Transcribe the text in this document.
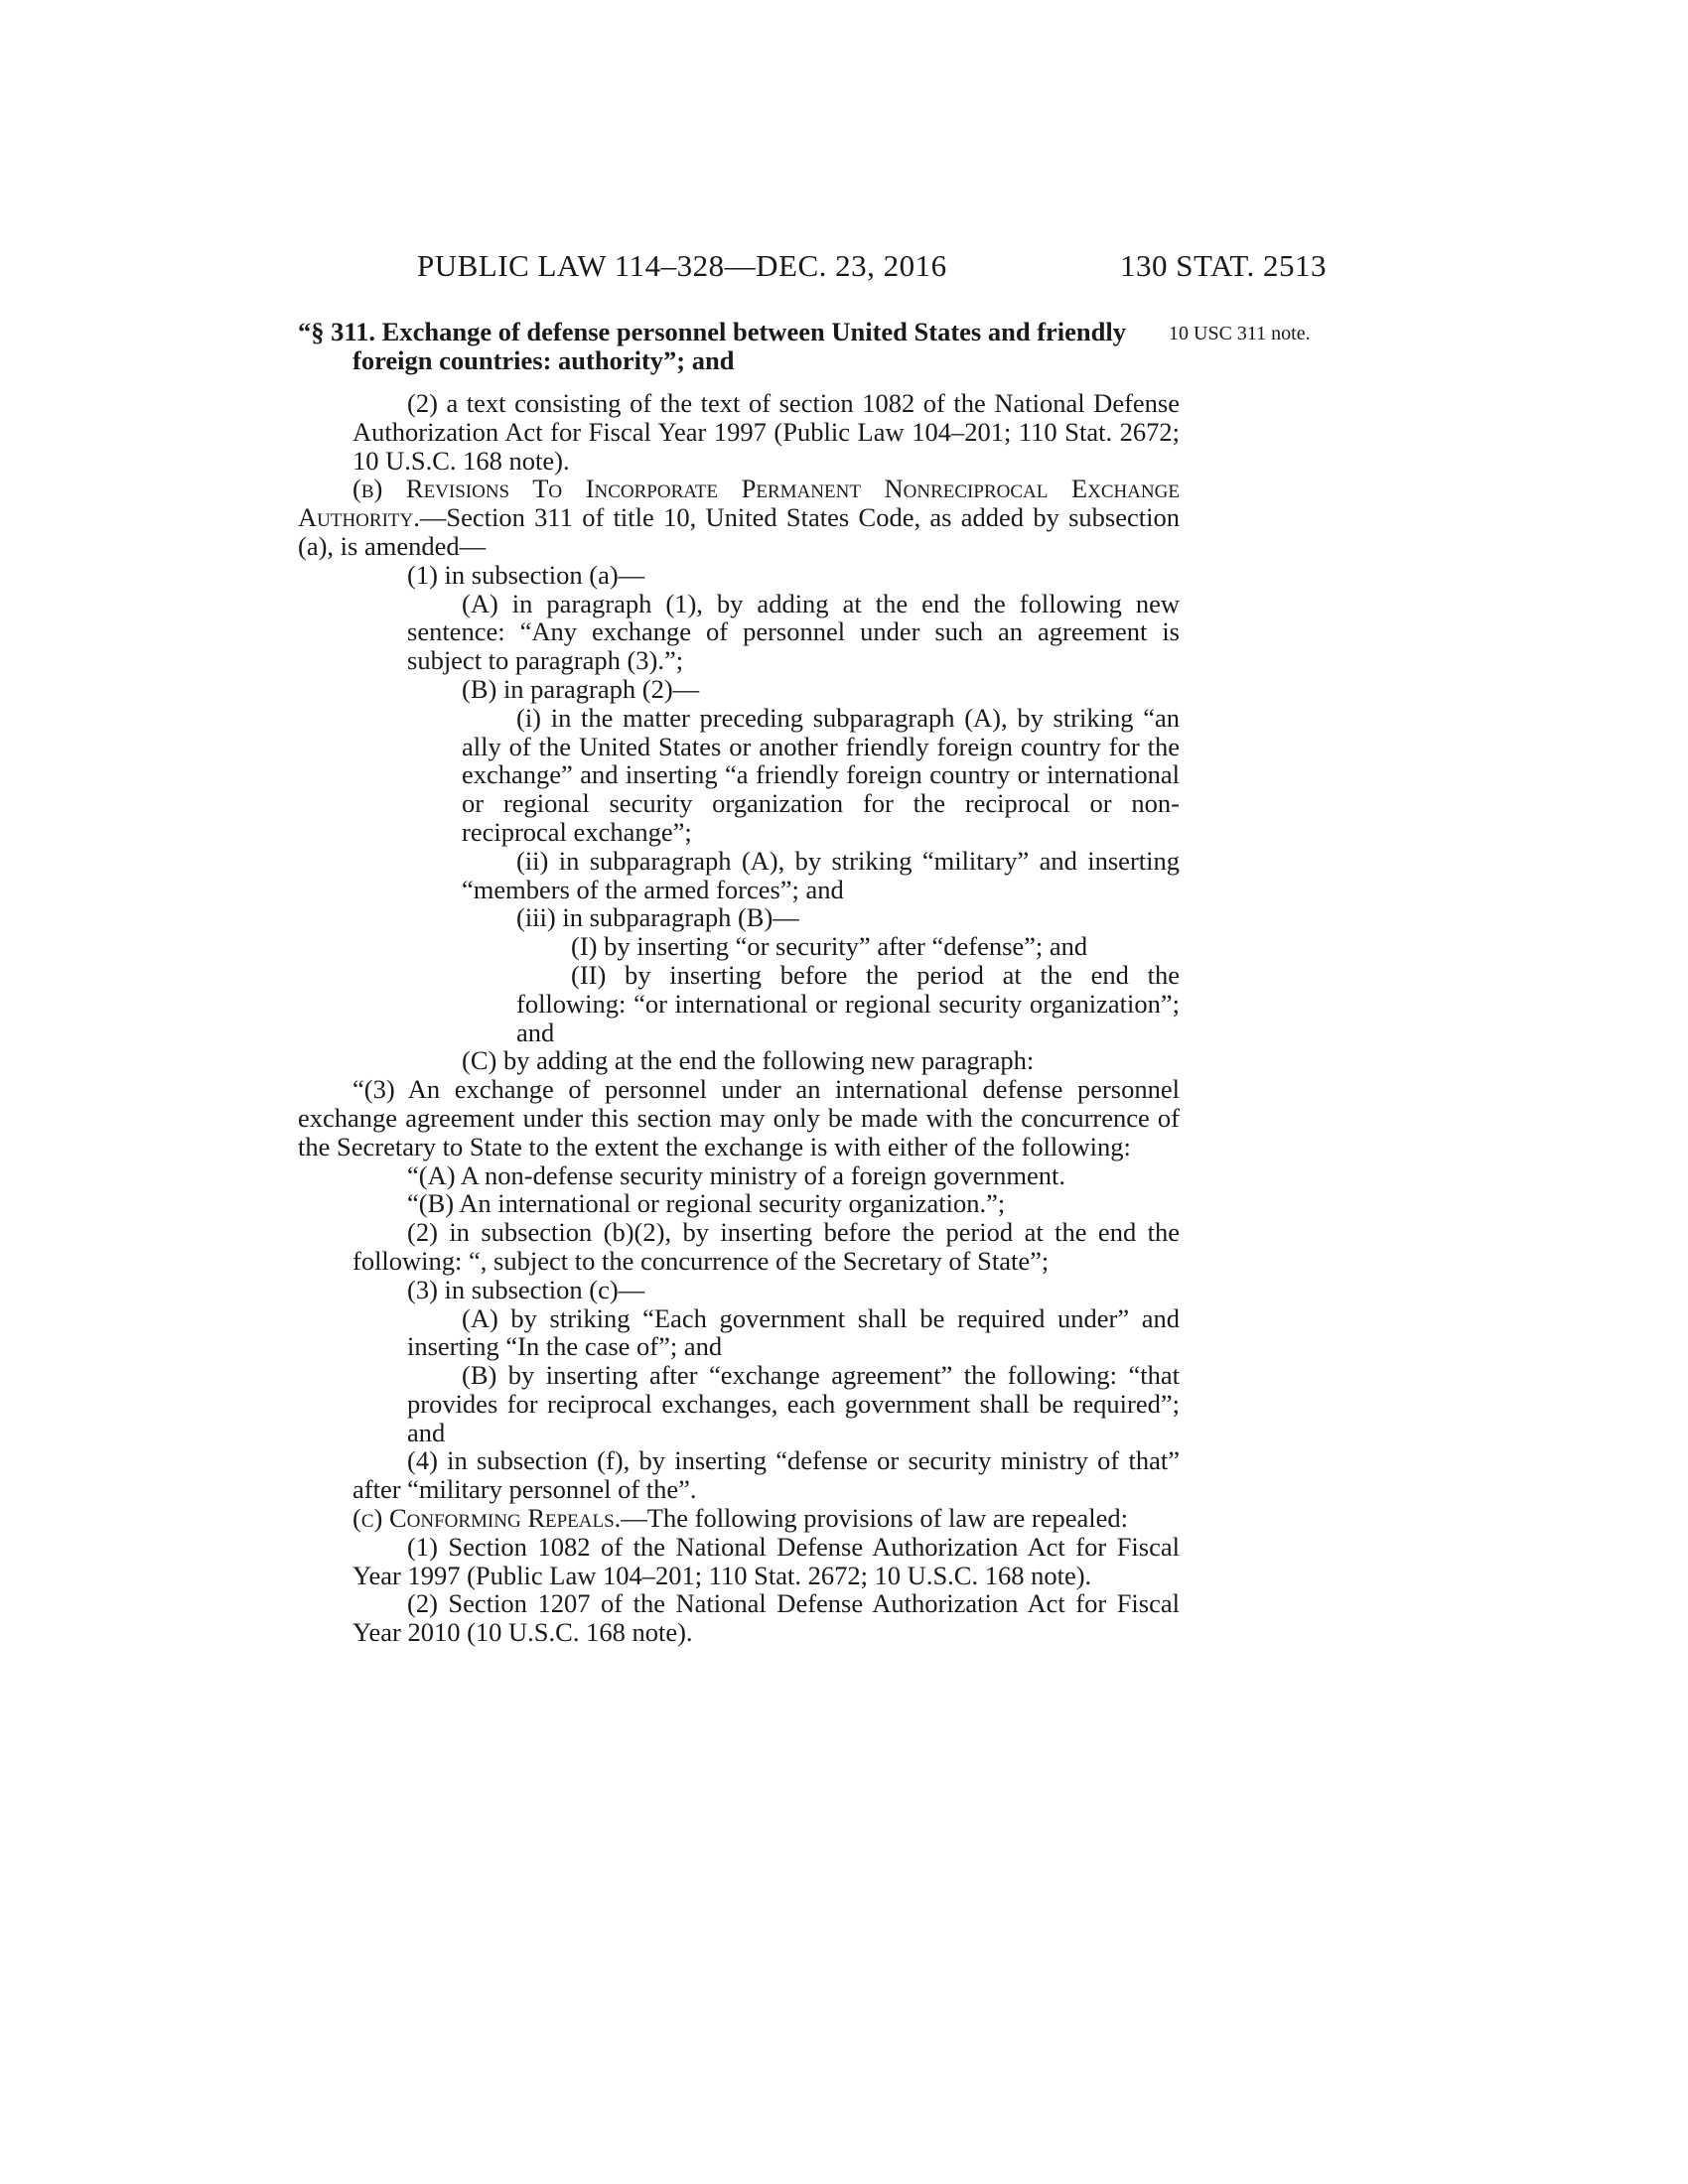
PUBLIC LAW 114–328—DEC. 23, 2016	130 STAT. 2513
10 USC 311 note.
“§ 311. Exchange of defense personnel between United States and friendly foreign countries: authority”; and

(2) a text consisting of the text of section 1082 of the National Defense Authorization Act for Fiscal Year 1997 (Public Law 104–201; 110 Stat. 2672; 10 U.S.C. 168 note).

(b) Revisions To Incorporate Permanent Nonreciprocal Exchange Authority.—Section 311 of title 10, United States Code, as added by subsection (a), is amended—

(1) in subsection (a)—

(A) in paragraph (1), by adding at the end the following new sentence: “Any exchange of personnel under such an agreement is subject to paragraph (3).”;

(B) in paragraph (2)—

(i) in the matter preceding subparagraph (A), by striking “an ally of the United States or another friendly foreign country for the exchange” and inserting “a friendly foreign country or international or regional security organization for the reciprocal or non-reciprocal exchange”;

(ii) in subparagraph (A), by striking “military” and inserting “members of the armed forces”; and

(iii) in subparagraph (B)—

(I) by inserting “or security” after “defense”; and

(II) by inserting before the period at the end the following: “or international or regional security organization”; and

(C) by adding at the end the following new paragraph:

“(3) An exchange of personnel under an international defense personnel exchange agreement under this section may only be made with the concurrence of the Secretary to State to the extent the exchange is with either of the following:

“(A) A non-defense security ministry of a foreign government.

“(B) An international or regional security organization.”;

(2) in subsection (b)(2), by inserting before the period at the end the following: “, subject to the concurrence of the Secretary of State”;

(3) in subsection (c)—

(A) by striking “Each government shall be required under” and inserting “In the case of”; and

(B) by inserting after “exchange agreement” the following: “that provides for reciprocal exchanges, each government shall be required”; and

(4) in subsection (f), by inserting “defense or security ministry of that” after “military personnel of the”.

(c) Conforming Repeals.—The following provisions of law are repealed:

(1) Section 1082 of the National Defense Authorization Act for Fiscal Year 1997 (Public Law 104–201; 110 Stat. 2672; 10 U.S.C. 168 note).

(2) Section 1207 of the National Defense Authorization Act for Fiscal Year 2010 (10 U.S.C. 168 note).
